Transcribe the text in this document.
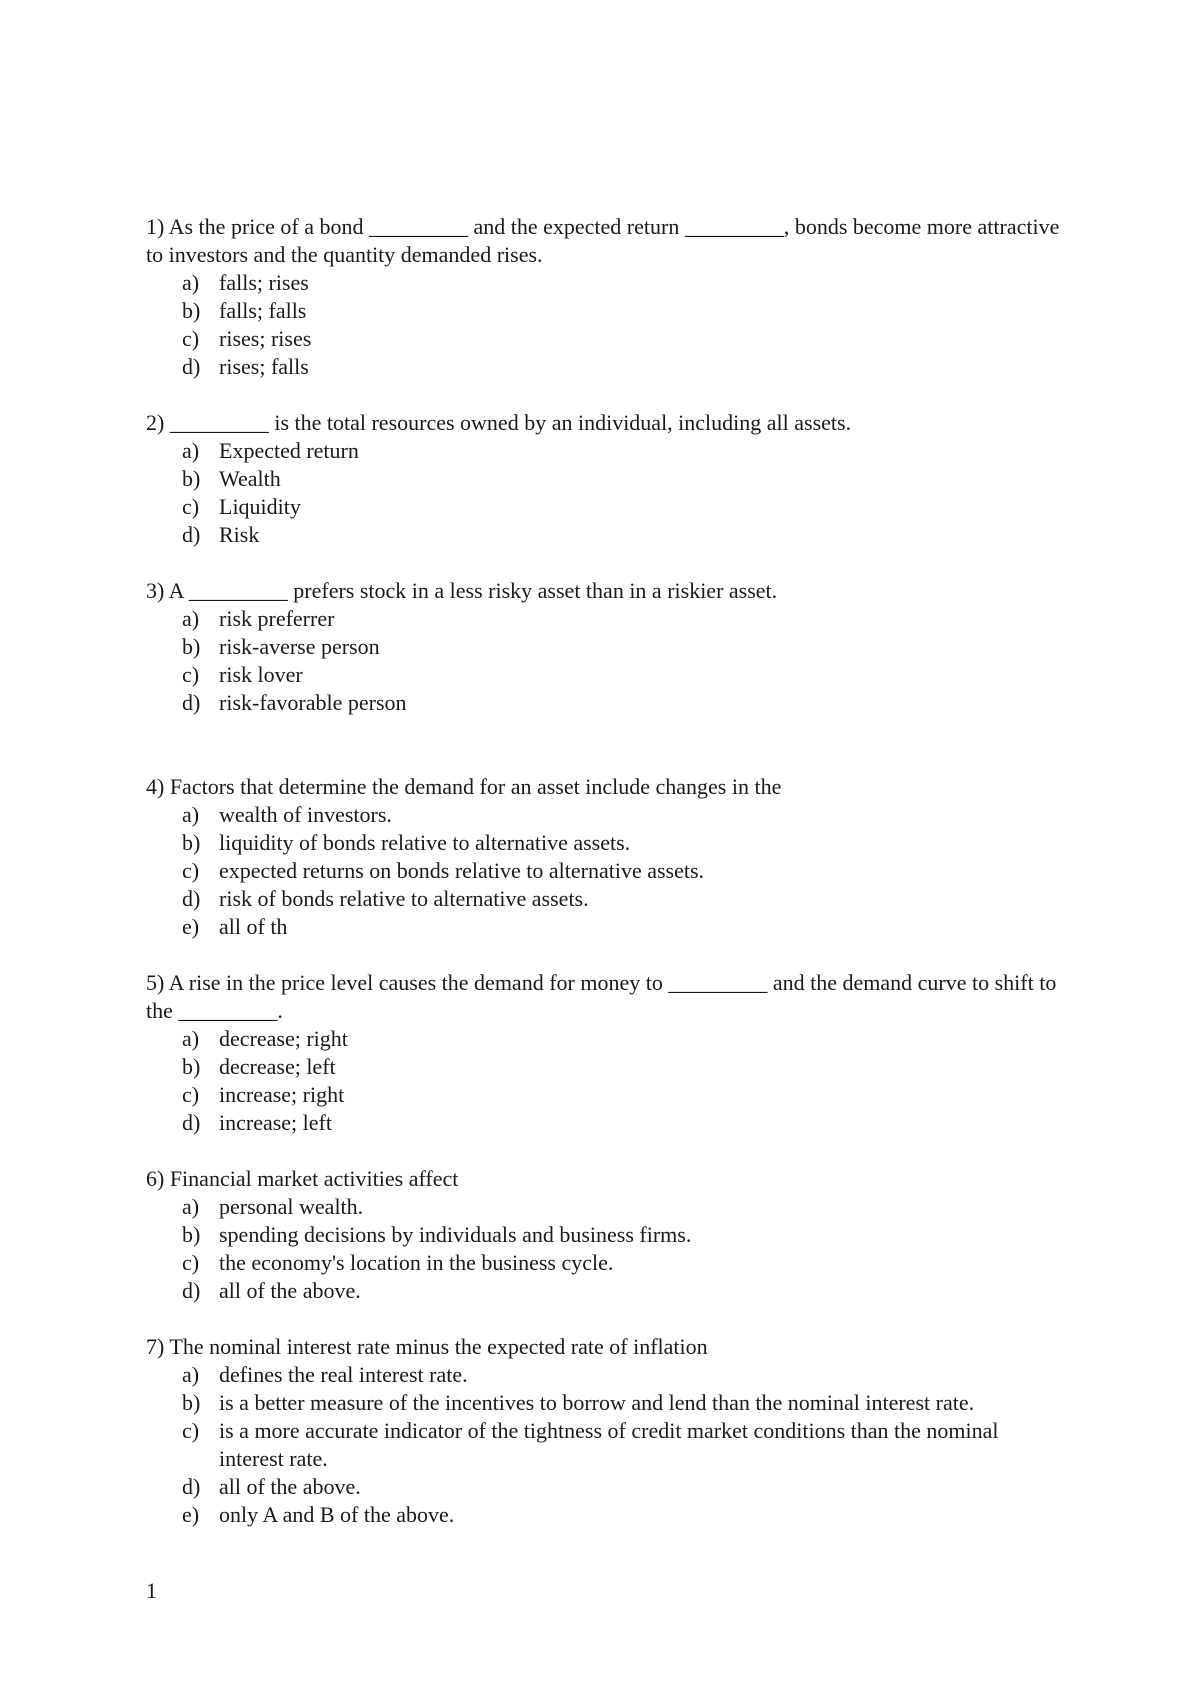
1) As the price of a bond _________ and the expected return _________, bonds become more attractive to investors and the quantity demanded rises.

a) falls; rises
b) falls; falls
c) rises; rises
d) rises; falls

2) _________ is the total resources owned by an individual, including all assets.

a) Expected return
b) Wealth
c) Liquidity
d) Risk

3) A _________ prefers stock in a less risky asset than in a riskier asset.

a) risk preferrer
b) risk-averse person
c) risk lover
d) risk-favorable person

4) Factors that determine the demand for an asset include changes in the

a) wealth of investors.
b) liquidity of bonds relative to alternative assets.
c) expected returns on bonds relative to alternative assets.
d) risk of bonds relative to alternative assets.
e) all of th

5) A rise in the price level causes the demand for money to _________ and the demand curve to shift to the _________.

a) decrease; right
b) decrease; left
c) increase; right
d) increase; left

6) Financial market activities affect

a) personal wealth.
b) spending decisions by individuals and business firms.
c) the economy's location in the business cycle.
d) all of the above.

7) The nominal interest rate minus the expected rate of inflation

a) defines the real interest rate.
b) is a better measure of the incentives to borrow and lend than the nominal interest rate.
c) is a more accurate indicator of the tightness of credit market conditions than the nominal interest rate.
d) all of the above.
e) only A and B of the above.
1
